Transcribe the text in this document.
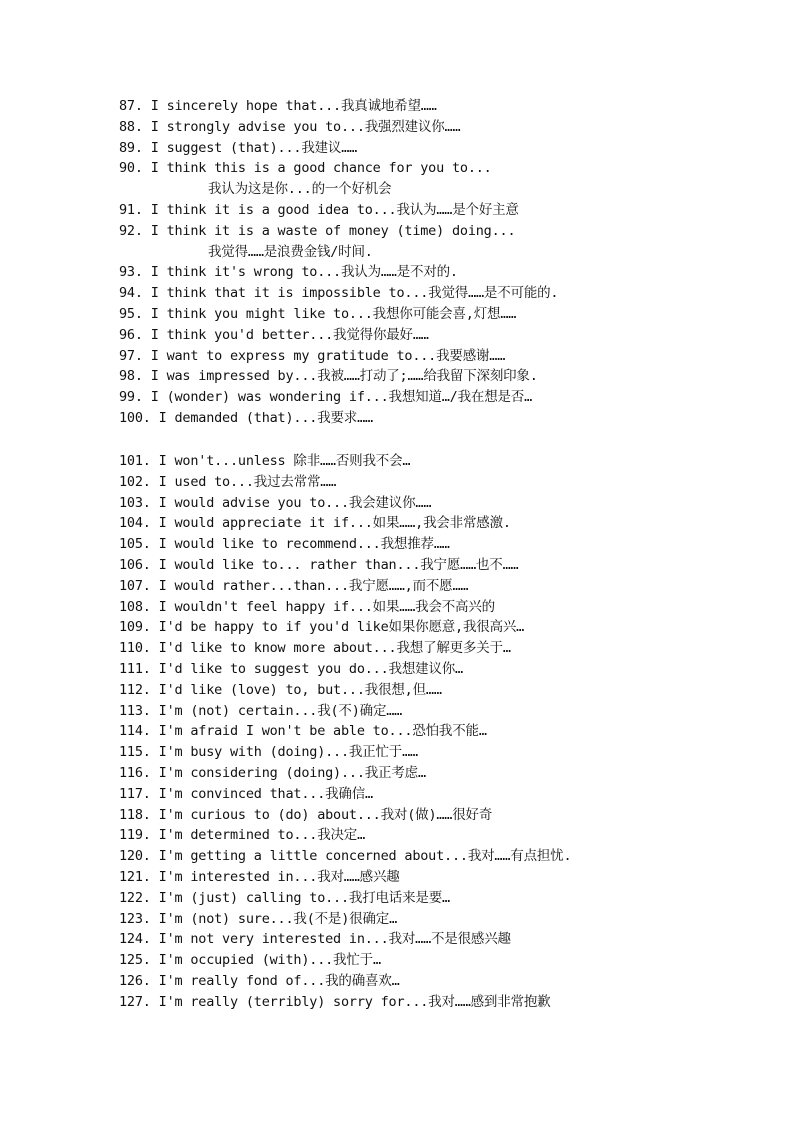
87. I sincerely hope that...我真诚地希望……
88. I strongly advise you to...我强烈建议你……
89. I suggest (that)...我建议……
90. I think this is a good chance for you to...
我认为这是你...的一个好机会
91. I think it is a good idea to...我认为……是个好主意
92. I think it is a waste of money (time) doing...
我觉得……是浪费金钱/时间.
93. I think it's wrong to...我认为……是不对的.
94. I think that it is impossible to...我觉得……是不可能的.
95. I think you might like to...我想你可能会喜,灯想……
96. I think you'd better...我觉得你最好……
97. I want to express my gratitude to...我要感谢……
98. I was impressed by...我被……打动了;……给我留下深刻印象.
99. I (wonder) was wondering if...我想知道…/我在想是否…
100. I demanded (that)...我要求……
101. I won't...unless 除非……否则我不会…
102. I used to...我过去常常……
103. I would advise you to...我会建议你……
104. I would appreciate it if...如果……,我会非常感激.
105. I would like to recommend...我想推荐……
106. I would like to... rather than...我宁愿……也不……
107. I would rather...than...我宁愿……,而不愿……
108. I wouldn't feel happy if...如果……我会不高兴的
109. I'd be happy to if you'd like如果你愿意,我很高兴…
110. I'd like to know more about...我想了解更多关于…
111. I'd like to suggest you do...我想建议你…
112. I'd like (love) to, but...我很想,但……
113. I'm (not) certain...我(不)确定……
114. I'm afraid I won't be able to...恐怕我不能…
115. I'm busy with (doing)...我正忙于……
116. I'm considering (doing)...我正考虑…
117. I'm convinced that...我确信…
118. I'm curious to (do) about...我对(做)……很好奇
119. I'm determined to...我决定…
120. I'm getting a little concerned about...我对……有点担忧.
121. I'm interested in...我对……感兴趣
122. I'm (just) calling to...我打电话来是要…
123. I'm (not) sure...我(不是)很确定…
124. I'm not very interested in...我对……不是很感兴趣
125. I'm occupied (with)...我忙于…
126. I'm really fond of...我的确喜欢…
127. I'm really (terribly) sorry for...我对……感到非常抱歉
